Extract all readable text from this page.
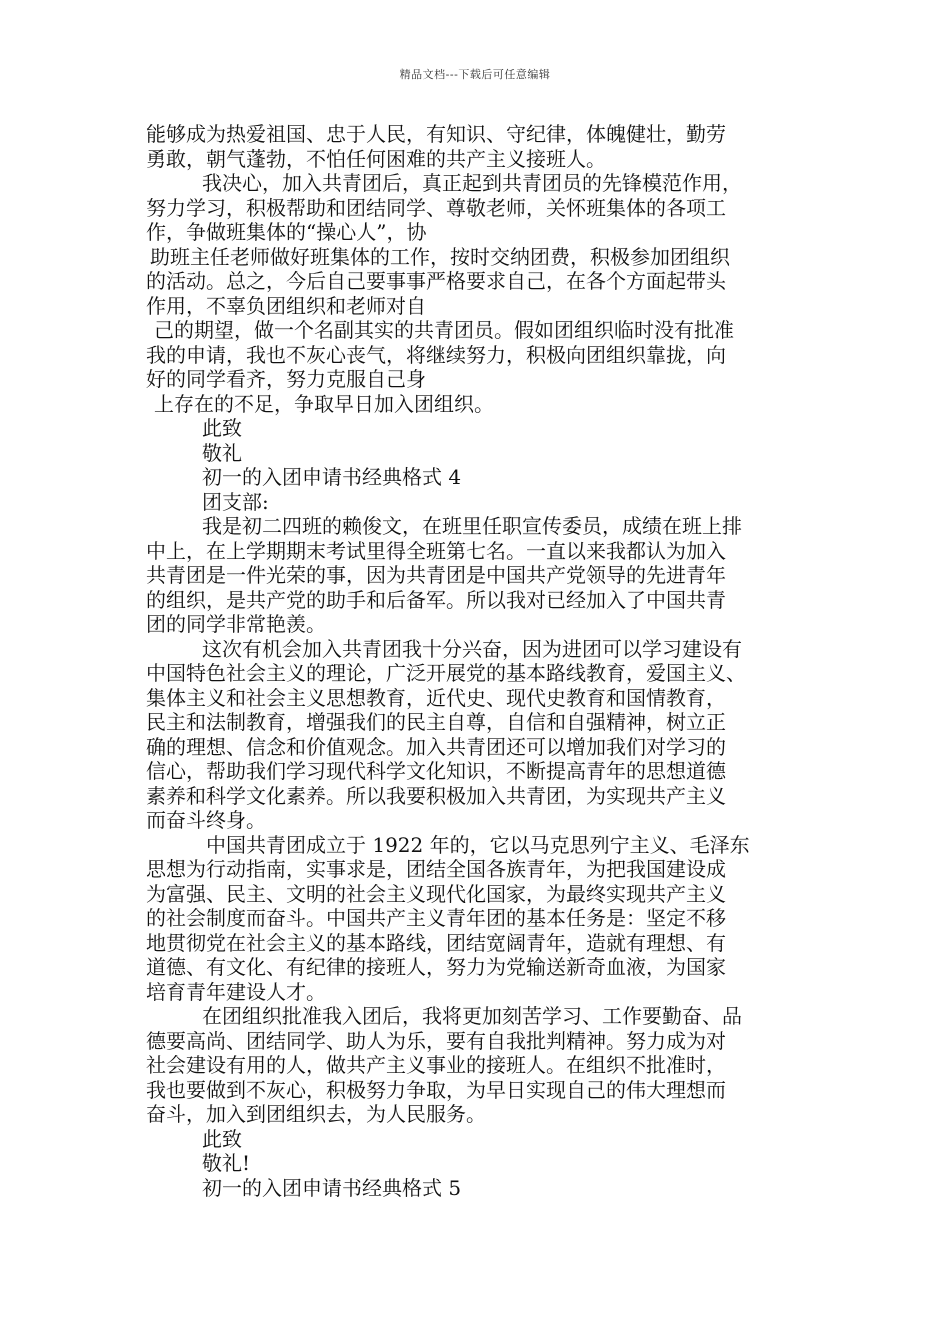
精品文档---下载后可任意编辑
能够成为热爱祖国、忠于人民，有知识、守纪律，体魄健壮，勤劳
勇敢，朝气蓬勃，不怕任何困难的共产主义接班人。
我决心，加入共青团后，真正起到共青团员的先锋模范作用，
努力学习，积极帮助和团结同学、尊敬老师，关怀班集体的各项工
作，争做班集体的“操心人”，协
助班主任老师做好班集体的工作，按时交纳团费，积极参加团组织
的活动。总之，今后自己要事事严格要求自己，在各个方面起带头
作用，不辜负团组织和老师对自
己的期望，做一个名副其实的共青团员。假如团组织临时没有批准
我的申请，我也不灰心丧气，将继续努力，积极向团组织靠拢，向
好的同学看齐，努力克服自己身
上存在的不足，争取早日加入团组织。
此致
敬礼
初一的入团申请书经典格式 4
团支部:
我是初二四班的赖俊文，在班里任职宣传委员，成绩在班上排
中上，在上学期期末考试里得全班第七名。一直以来我都认为加入
共青团是一件光荣的事，因为共青团是中国共产党领导的先进青年
的组织，是共产党的助手和后备军。所以我对已经加入了中国共青
团的同学非常艳羡。
这次有机会加入共青团我十分兴奋，因为进团可以学习建设有
中国特色社会主义的理论，广泛开展党的基本路线教育，爱国主义、
集体主义和社会主义思想教育，近代史、现代史教育和国情教育，
民主和法制教育，增强我们的民主自尊，自信和自强精神，树立正
确的理想、信念和价值观念。加入共青团还可以增加我们对学习的
信心，帮助我们学习现代科学文化知识，不断提高青年的思想道德
素养和科学文化素养。所以我要积极加入共青团，为实现共产主义
而奋斗终身。
中国共青团成立于 1922 年的，它以马克思列宁主义、毛泽东
思想为行动指南，实事求是，团结全国各族青年，为把我国建设成
为富强、民主、文明的社会主义现代化国家，为最终实现共产主义
的社会制度而奋斗。中国共产主义青年团的基本任务是：坚定不移
地贯彻党在社会主义的基本路线，团结宽阔青年，造就有理想、有
道德、有文化、有纪律的接班人，努力为党输送新奇血液，为国家
培育青年建设人才。
在团组织批准我入团后，我将更加刻苦学习、工作要勤奋、品
德要高尚、团结同学、助人为乐，要有自我批判精神。努力成为对
社会建设有用的人，做共产主义事业的接班人。在组织不批准时，
我也要做到不灰心，积极努力争取，为早日实现自己的伟大理想而
奋斗，加入到团组织去，为人民服务。
此致
敬礼!
初一的入团申请书经典格式 5
